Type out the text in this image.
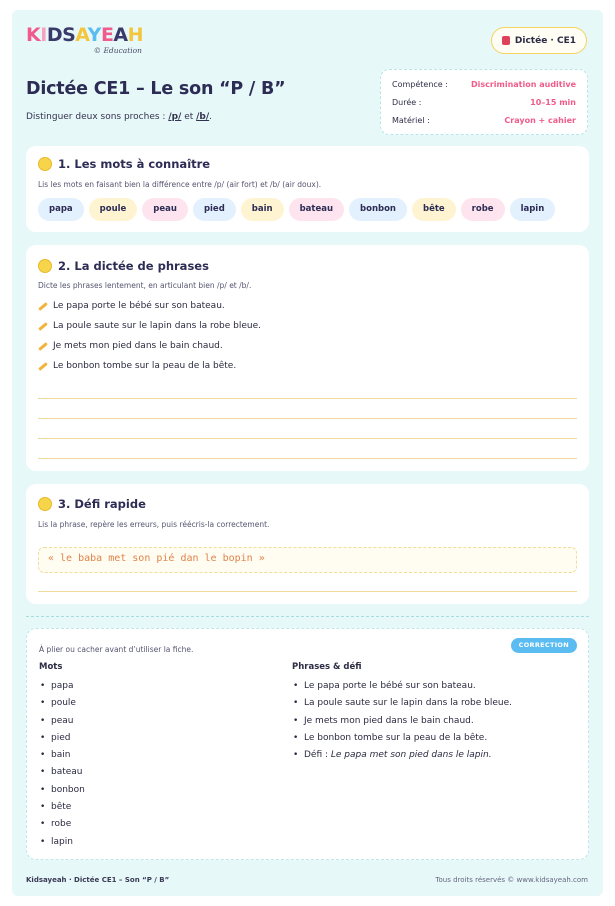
KIDSAYEAH
© Education
Dictée · CE1
Dictée CE1 – Le son “P / B”
Distinguer deux sons proches : /p/ et /b/.
Compétence :	Discrimination auditive
Durée :	10–15 min
Matériel :	Crayon + cahier
1. Les mots à connaître
Lis les mots en faisant bien la différence entre /p/ (air fort) et /b/ (air doux).
papa	poule	peau	pied	bain	bateau	bonbon	bête	robe	lapin
2. La dictée de phrases
Dicte les phrases lentement, en articulant bien /p/ et /b/.
Le papa porte le bébé sur son bateau.
La poule saute sur le lapin dans la robe bleue.
Je mets mon pied dans le bain chaud.
Le bonbon tombe sur la peau de la bête.
3. Défi rapide
Lis la phrase, repère les erreurs, puis réécris-la correctement.
« le baba met son pié dan le bopin »
CORRECTION
À plier ou cacher avant d’utiliser la fiche.
Mots
• papa
• poule
• peau
• pied
• bain
• bateau
• bonbon
• bête
• robe
• lapin
Phrases & défi
• Le papa porte le bébé sur son bateau.
• La poule saute sur le lapin dans la robe bleue.
• Je mets mon pied dans le bain chaud.
• Le bonbon tombe sur la peau de la bête.
• Défi : Le papa met son pied dans le lapin.
Kidsayeah · Dictée CE1 – Son “P / B”	Tous droits réservés © www.kidsayeah.com
